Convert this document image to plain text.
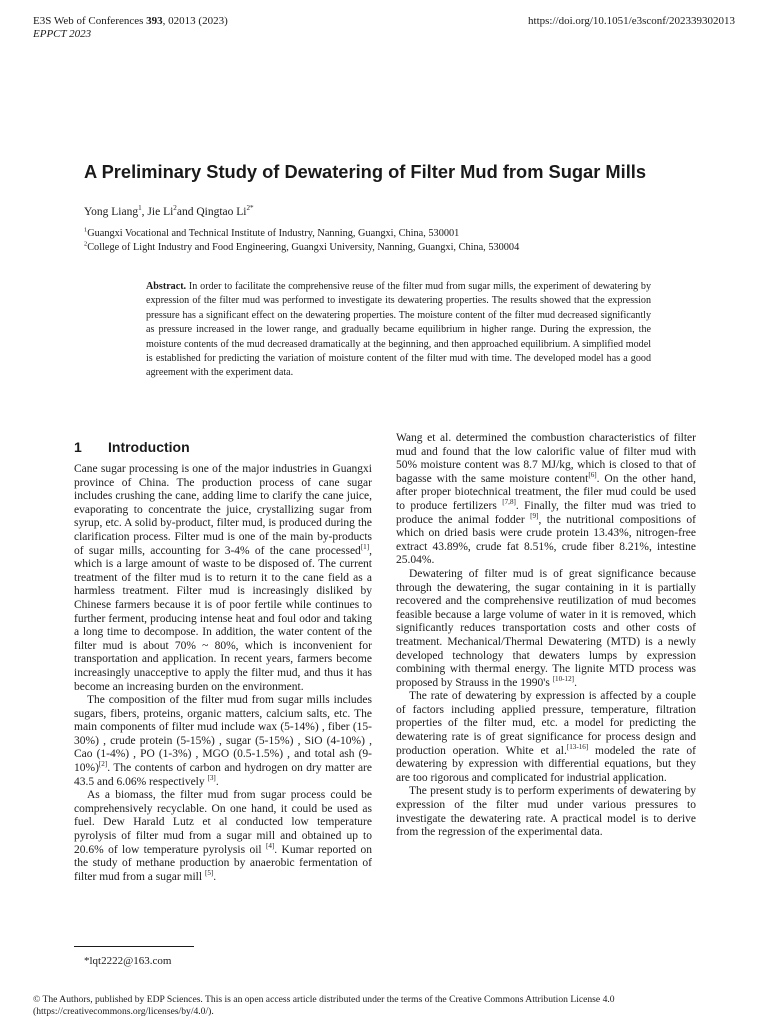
E3S Web of Conferences 393, 02013 (2023)
EPPCT 2023
https://doi.org/10.1051/e3sconf/202339302013
A Preliminary Study of Dewatering of Filter Mud from Sugar Mills
Yong Liang$^1$, Jie Li$^2$and Qingtao $Li^{2*}$
$^1$Guangxi Vocational and Technical Institute of Industry, Nanning, Guangxi, China, 530001
$^2$College of Light Industry and Food Engineering, Guangxi University, Nanning, Guangxi, China, 530004
Abstract. In order to facilitate the comprehensive reuse of the filter mud from sugar mills, the experiment of dewatering by expression of the filter mud was performed to investigate its dewatering properties. The results showed that the expression pressure has a significant effect on the dewatering properties. The moisture content of the filter mud decreased significantly as pressure increased in the lower range, and gradually became equilibrium in higher range. During the expression, the moisture contents of the mud decreased dramatically at the beginning, and then approached equilibrium. A simplified model is established for predicting the variation of moisture content of the filter mud with time. The developed model has a good agreement with the experiment data.
1 Introduction

Cane sugar processing is one of the major industries in Guangxi province of China. The production process of cane sugar includes crushing the cane, adding lime to clarify the cane juice, evaporating to concentrate the juice, crystallizing sugar from syrup, etc. A solid by-product, filter mud, is produced during the clarification process. Filter mud is one of the main by-products of sugar mills, accounting for 3-4% of the cane processed[1], which is a large amount of waste to be disposed of. The current treatment of the filter mud is to return it to the cane field as a harmless treatment. Filter mud is increasingly disliked by Chinese farmers because it is of poor fertile while continues to further ferment, producing intense heat and foul odor and taking a long time to decompose. In addition, the water content of the filter mud is about 70% ~ 80%, which is inconvenient for transportation and application. In recent years, farmers become increasingly unacceptive to apply the filter mud, and thus it has become an increasing burden on the environment.

The composition of the filter mud from sugar mills includes sugars, fibers, proteins, organic matters, calcium salts, etc. The main components of filter mud include wax (5-14%) , fiber (15-30%) , crude protein (5-15%) , sugar (5-15%) , SiO (4-10%) , Cao (1-4%) , PO (1-3%) , MGO (0.5-1.5%) , and total ash (9-10%)[2]. The contents of carbon and hydrogen on dry matter are 43.5 and 6.06% respectively [3].

As a biomass, the filter mud from sugar process could be comprehensively recyclable. On one hand, it could be used as fuel. Dew Harald Lutz et al conducted low temperature pyrolysis of filter mud from a sugar mill and obtained up to 20.6% of low temperature pyrolysis oil [4]. Kumar reported on the study of methane production by anaerobic fermentation of filter mud from a sugar mill [5].

Wang et al. determined the combustion characteristics of filter mud and found that the low calorific value of filter mud with 50% moisture content was 8.7 MJ/kg, which is closed to that of bagasse with the same moisture content[6]. On the other hand, after proper biotechnical treatment, the filer mud could be used to produce fertilizers [7,8]. Finally, the filter mud was tried to produce the animal fodder [9], the nutritional compositions of which on dried basis were crude protein 13.43%, nitrogen-free extract 43.89%, crude fat 8.51%, crude fiber 8.21%, intestine 25.04%.

Dewatering of filter mud is of great significance because through the dewatering, the sugar containing in it is partially recovered and the comprehensive reutilization of mud becomes feasible because a large volume of water in it is removed, which significantly reduces transportation costs and other costs of treatment. Mechanical/Thermal Dewatering (MTD) is a newly developed technology that dewaters lumps by expression combining with thermal energy. The lignite MTD process was proposed by Strauss in the 1990's [10-12].

The rate of dewatering by expression is affected by a couple of factors including applied pressure, temperature, filtration properties of the filter mud, etc. a model for predicting the dewatering rate is of great significance for process design and production operation. White et al.[13-16] modeled the rate of dewatering by expression with differential equations, but they are too rigorous and complicated for industrial application.

The present study is to perform experiments of dewatering by expression of the filter mud under various pressures to investigate the dewatering rate. A practical model is to derive from the regression of the experimental data.

*lqt2222@163.com
© The Authors, published by EDP Sciences. This is an open access article distributed under the terms of the Creative Commons Attribution License 4.0 (https://creativecommons.org/licenses/by/4.0/).
